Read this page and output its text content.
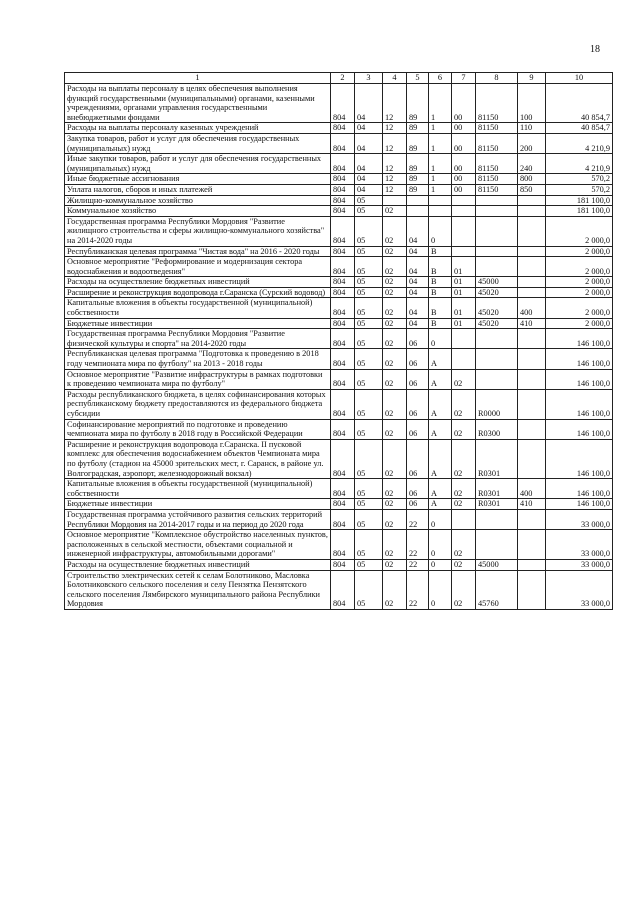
18
1	2	3	4	5	6	7	8	9	10
Расходы на выплаты персоналу в целях обеспечения выполнения функций государственными (муниципальными) органами, казенными учреждениями, органами управления государственными внебюджетными фондами	804	04	12	89	1	00	81150	100	40 854,7
Расходы на выплаты персоналу казенных учреждений	804	04	12	89	1	00	81150	110	40 854,7
Закупка товаров, работ и услуг для обеспечения государственных (муниципальных) нужд	804	04	12	89	1	00	81150	200	4 210,9
Иные закупки товаров, работ и услуг для обеспечения государственных (муниципальных) нужд	804	04	12	89	1	00	81150	240	4 210,9
Иные бюджетные ассигнования	804	04	12	89	1	00	81150	800	570,2
Уплата налогов, сборов и иных платежей	804	04	12	89	1	00	81150	850	570,2
Жилищно-коммунальное хозяйство	804	05							181 100,0
Коммунальное хозяйство	804	05	02						181 100,0
Государственная программа Республики Мордовия "Развитие жилищного строительства и сферы жилищно-коммунального хозяйства" на 2014-2020 годы	804	05	02	04	0				2 000,0
Республиканская целевая программа "Чистая вода" на 2016 - 2020 годы	804	05	02	04	В				2 000,0
Основное мероприятие "Реформирование и модернизация сектора водоснабжения и водоотведения"	804	05	02	04	В	01			2 000,0
Расходы на осуществление бюджетных инвестиций	804	05	02	04	В	01	45000		2 000,0
Расширение и реконструкция водопровода г.Саранска (Сурский водовод)	804	05	02	04	В	01	45020		2 000,0
Капитальные вложения в объекты государственной (муниципальной) собственности	804	05	02	04	В	01	45020	400	2 000,0
Бюджетные инвестиции	804	05	02	04	В	01	45020	410	2 000,0
Государственная программа Республики Мордовия "Развитие физической культуры и спорта" на 2014-2020 годы	804	05	02	06	0				146 100,0
Республиканская целевая программа "Подготовка к проведению в 2018 году чемпионата мира по футболу" на 2013 - 2018 годы	804	05	02	06	А				146 100,0
Основное мероприятие "Развитие инфраструктуры в рамках подготовки к проведению чемпионата мира по футболу"	804	05	02	06	А	02			146 100,0
Расходы республиканского бюджета, в целях софинансирования которых республиканскому бюджету предоставляются из федерального бюджета субсидии	804	05	02	06	А	02	R0000		146 100,0
Софинансирование мероприятий по подготовке и проведению чемпионата мира по футболу в 2018 году в Российской Федерации	804	05	02	06	А	02	R0300		146 100,0
Расширение и реконструкция водопровода г.Саранска. II пусковой комплекс для обеспечения водоснабжением объектов Чемпионата мира по футболу (стадион на 45000 зрительских мест, г. Саранск, в районе ул. Волгоградская, аэропорт, железнодорожный вокзал)	804	05	02	06	А	02	R0301		146 100,0
Капитальные вложения в объекты государственной (муниципальной) собственности	804	05	02	06	А	02	R0301	400	146 100,0
Бюджетные инвестиции	804	05	02	06	А	02	R0301	410	146 100,0
Государственная программа устойчивого развития сельских территорий Республики Мордовия на 2014-2017 годы и на период до 2020 года	804	05	02	22	0				33 000,0
Основное мероприятие "Комплексное обустройство населенных пунктов, расположенных в сельской местности, объектами социальной и инженерной инфраструктуры, автомобильными дорогами"	804	05	02	22	0	02			33 000,0
Расходы на осуществление бюджетных инвестиций	804	05	02	22	0	02	45000		33 000,0
Строительство электрических сетей к селам Болотниково, Масловка Болотниковского сельского поселения и селу Пензятка Пензятского сельского поселения Лямбирского муниципального района Республики Мордовия	804	05	02	22	0	02	45760		33 000,0
